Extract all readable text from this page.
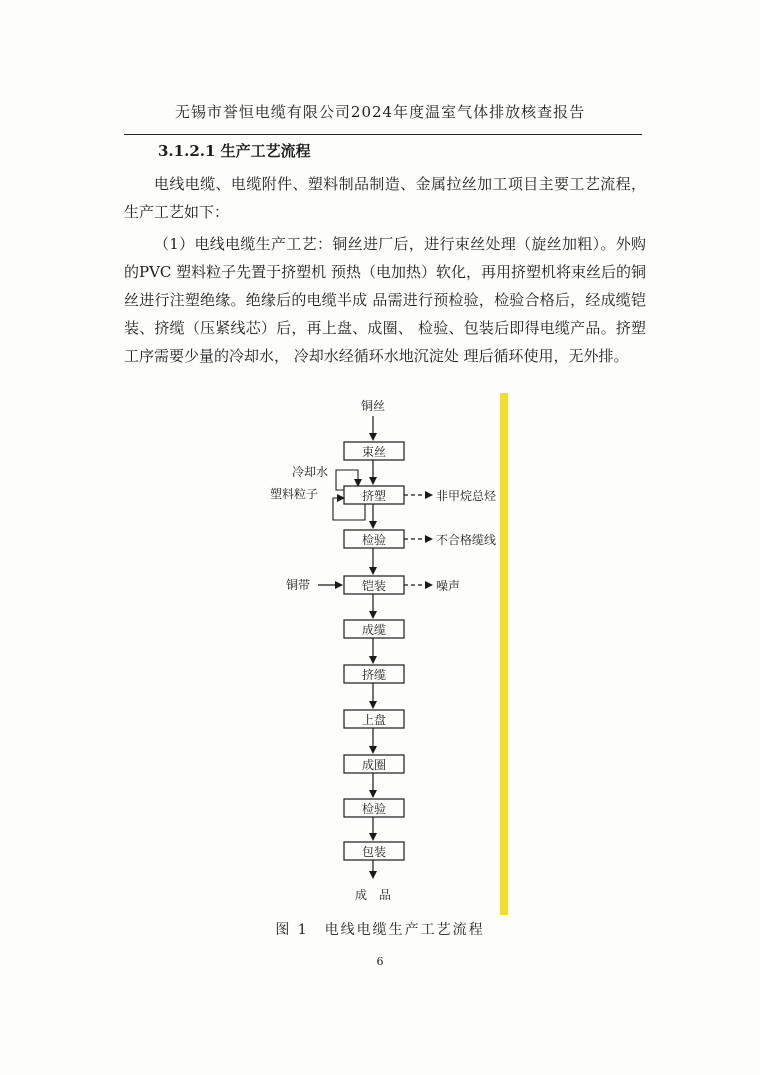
无锡市誉恒电缆有限公司2024年度温室气体排放核查报告
3.1.2.1 生产工艺流程

电线电缆、电缆附件、塑料制品制造、金属拉丝加工项目主要工艺流程，生产工艺如下：

（1）电线电缆生产工艺：铜丝进厂后，进行束丝处理（旋丝加粗）。外购的PVC 塑料粒子先置于挤塑机 预热（电加热）软化，再用挤塑机将束丝后的铜丝进行注塑绝缘。绝缘后的电缆半成 品需进行预检验，检验合格后，经成缆铠装、挤缆（压紧线芯）后，再上盘、成圈、 检验、包装后即得电缆产品。挤塑工序需要少量的冷却水， 冷却水经循环水地沉淀处 理后循环使用，无外排。

铜丝
束丝
挤塑
检验
铠装
成缆
挤缆
上盘
成圈
检验
包装
成　品
冷却水
塑料粒子
铜带
非甲烷总烃
不合格缆线
噪声
图 1　电线电缆生产工艺流程
6
